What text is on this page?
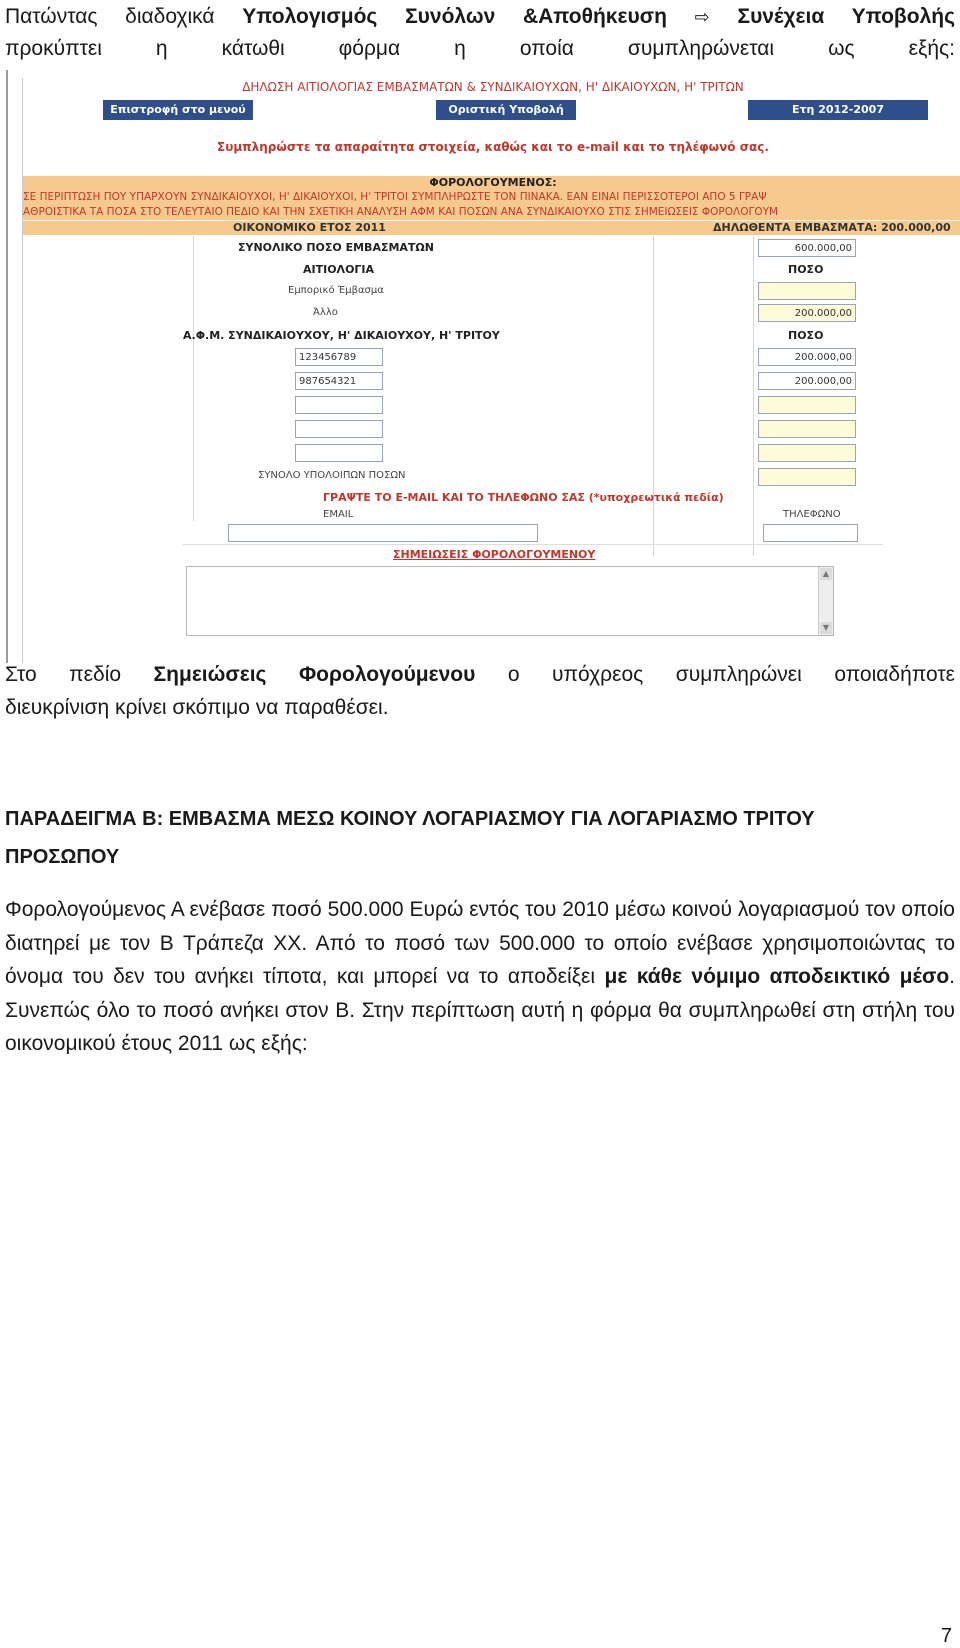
Πατώντας διαδοχικά Υπολογισμός Συνόλων &Αποθήκευση ⇨ Συνέχεια Υποβολής
προκύπτει η κάτωθι φόρμα η οποία συμπληρώνεται ως εξής:
ΔΗΛΩΣΗ ΑΙΤΙΟΛΟΓΙΑΣ ΕΜΒΑΣΜΑΤΩΝ & ΣΥΝΔΙΚΑΙΟΥΧΩΝ, Η' ΔΙΚΑΙΟΥΧΩΝ, Η' ΤΡΙΤΩΝ
Επιστροφή στο μενού	Οριστική Υποβολή	Ετη 2012-2007
Συμπληρώστε τα απαραίτητα στοιχεία, καθώς και το e-mail και το τηλέφωνό σας.
ΦΟΡΟΛΟΓΟΥΜΕΝΟΣ:
ΣΕ ΠΕΡΙΠΤΩΣΗ ΠΟΥ ΥΠΑΡΧΟΥΝ ΣΥΝΔΙΚΑΙΟΥΧΟΙ, Η' ΔΙΚΑΙΟΥΧΟΙ, Η' ΤΡΙΤΟΙ ΣΥΜΠΛΗΡΩΣΤΕ ΤΟΝ ΠΙΝΑΚΑ. ΕΑΝ ΕΙΝΑΙ ΠΕΡΙΣΣΟΤΕΡΟΙ ΑΠΟ 5 ΓΡΑΨ
ΑΘΡΟΙΣΤΙΚΑ ΤΑ ΠΟΣΑ ΣΤΟ ΤΕΛΕΥΤΑΙΟ ΠΕΔΙΟ ΚΑΙ ΤΗΝ ΣΧΕΤΙΚΗ ΑΝΑΛΥΣΗ ΑΦΜ ΚΑΙ ΠΟΣΩΝ ΑΝΑ ΣΥΝΔΙΚΑΙΟΥΧΟ ΣΤΙΣ ΣΗΜΕΙΩΣΕΙΣ ΦΟΡΟΛΟΓΟΥΜ
ΟΙΚΟΝΟΜΙΚΟ ΕΤΟΣ 2011	ΔΗΛΩΘΕΝΤΑ ΕΜΒΑΣΜΑΤΑ: 200.000,00
ΣΥΝΟΛΙΚΟ ΠΟΣΟ ΕΜΒΑΣΜΑΤΩΝ	600.000,00
ΑΙΤΙΟΛΟΓΙΑ	ΠΟΣΟ
Εμπορικό Έμβασμα
Άλλο	200.000,00
Α.Φ.Μ. ΣΥΝΔΙΚΑΙΟΥΧΟΥ, Η' ΔΙΚΑΙΟΥΧΟΥ, Η' ΤΡΙΤΟΥ	ΠΟΣΟ
123456789	200.000,00
987654321	200.000,00
ΣΥΝΟΛΟ ΥΠΟΛΟΙΠΩΝ ΠΟΣΩΝ
ΓΡΑΨΤΕ ΤΟ E-MAIL ΚΑΙ ΤΟ ΤΗΛΕΦΩΝΟ ΣΑΣ (*υποχρεωτικά πεδία)
EMAIL	ΤΗΛΕΦΩΝΟ
ΣΗΜΕΙΩΣΕΙΣ ΦΟΡΟΛΟΓΟΥΜΕΝΟΥ
▲
▼
Στο πεδίο Σημειώσεις Φορολογούμενου ο υπόχρεος συμπληρώνει οποιαδήποτε
διευκρίνιση κρίνει σκόπιμο να παραθέσει.
ΠΑΡΑΔΕΙΓΜΑ Β: ΕΜΒΑΣΜΑ ΜΕΣΩ ΚΟΙΝΟΥ ΛΟΓΑΡΙΑΣΜΟΥ ΓΙΑ ΛΟΓΑΡΙΑΣΜΟ ΤΡΙΤΟΥ
ΠΡΟΣΩΠΟΥ
Φορολογούμενος Α ενέβασε ποσό 500.000 Ευρώ εντός του 2010 μέσω κοινού λογαριασμού τον οποίο διατηρεί με τον Β Τράπεζα ΧΧ. Από το ποσό των 500.000 το οποίο ενέβασε χρησιμοποιώντας το όνομα του δεν του ανήκει τίποτα, και μπορεί να το αποδείξει με κάθε νόμιμο αποδεικτικό μέσο. Συνεπώς όλο το ποσό ανήκει στον Β. Στην περίπτωση αυτή η φόρμα θα συμπληρωθεί στη στήλη του οικονομικού έτους 2011 ως εξής:
7
